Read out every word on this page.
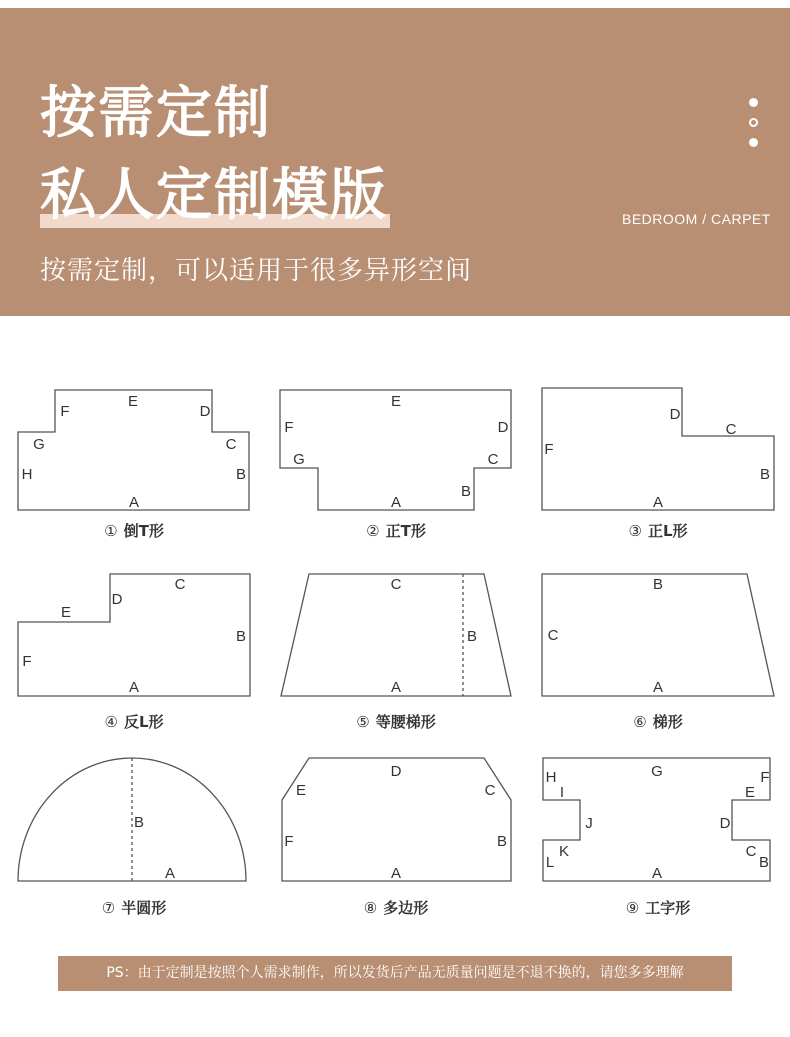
按需定制
私人定制模版
按需定制，可以适用于很多异形空间
BEDROOM / CARPET
A
B
C
D
E
F
G
H
A
B
C
D
E
F
G
A
B
C
D
F
A
B
C
D
E
F
A
B
C
A
B
C
A
B
A
B
C
D
E
F
A
B
C
D
E
F
G
H
I
J
K
L
① 倒T形	② 正T形	③ 正L形
④ 反L形	⑤ 等腰梯形	⑥ 梯形
⑦ 半圆形	⑧ 多边形	⑨ 工字形
PS：由于定制是按照个人需求制作，所以发货后产品无质量问题是不退不换的，请您多多理解
